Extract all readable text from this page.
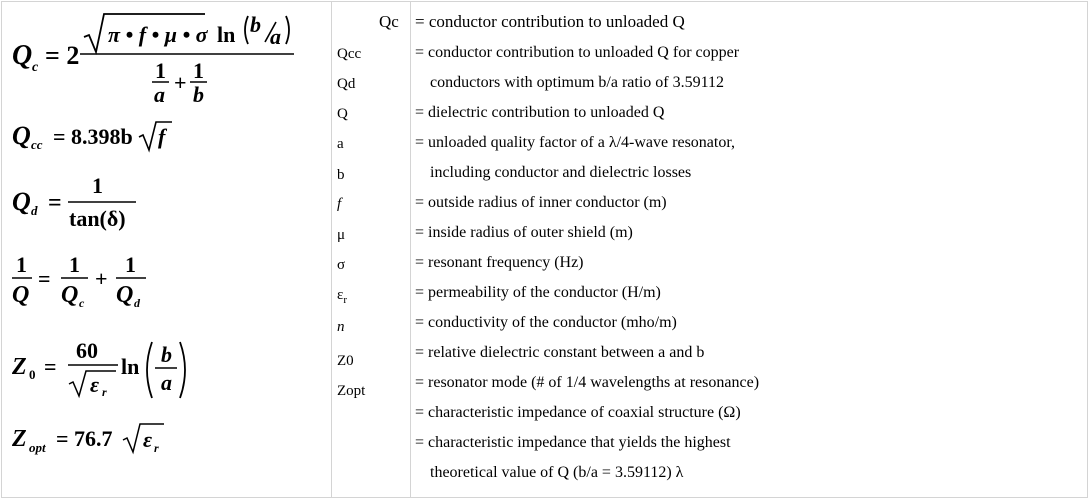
Q c = 2
π • f • μ • σ ln b a
1
a + 1
b
Q cc = 8.398b f
Q d =
1
tan(δ)
1
Q
=
1
Q c
+
1
Q d
Z 0 =
60
ε r
ln b
a
Z opt = 76.7 ε r
Qc
Qcc
Qd
Q
a
b
f
μ
σ
$\varepsilon_r$
n
Z0
Zopt
= conductor contribution to unloaded Q
= conductor contribution to unloaded Q for copper
conductors with optimum b/a ratio of 3.59112
= dielectric contribution to unloaded Q
= unloaded quality factor of a λ/4-wave resonator,
including conductor and dielectric losses
= outside radius of inner conductor (m)
= inside radius of outer shield (m)
= resonant frequency (Hz)
= permeability of the conductor (H/m)
= conductivity of the conductor (mho/m)
= relative dielectric constant between a and b
= resonator mode (# of 1/4 wavelengths at resonance)
= characteristic impedance of coaxial structure (Ω)
= characteristic impedance that yields the highest
theoretical value of Q (b/a = 3.59112) λ
